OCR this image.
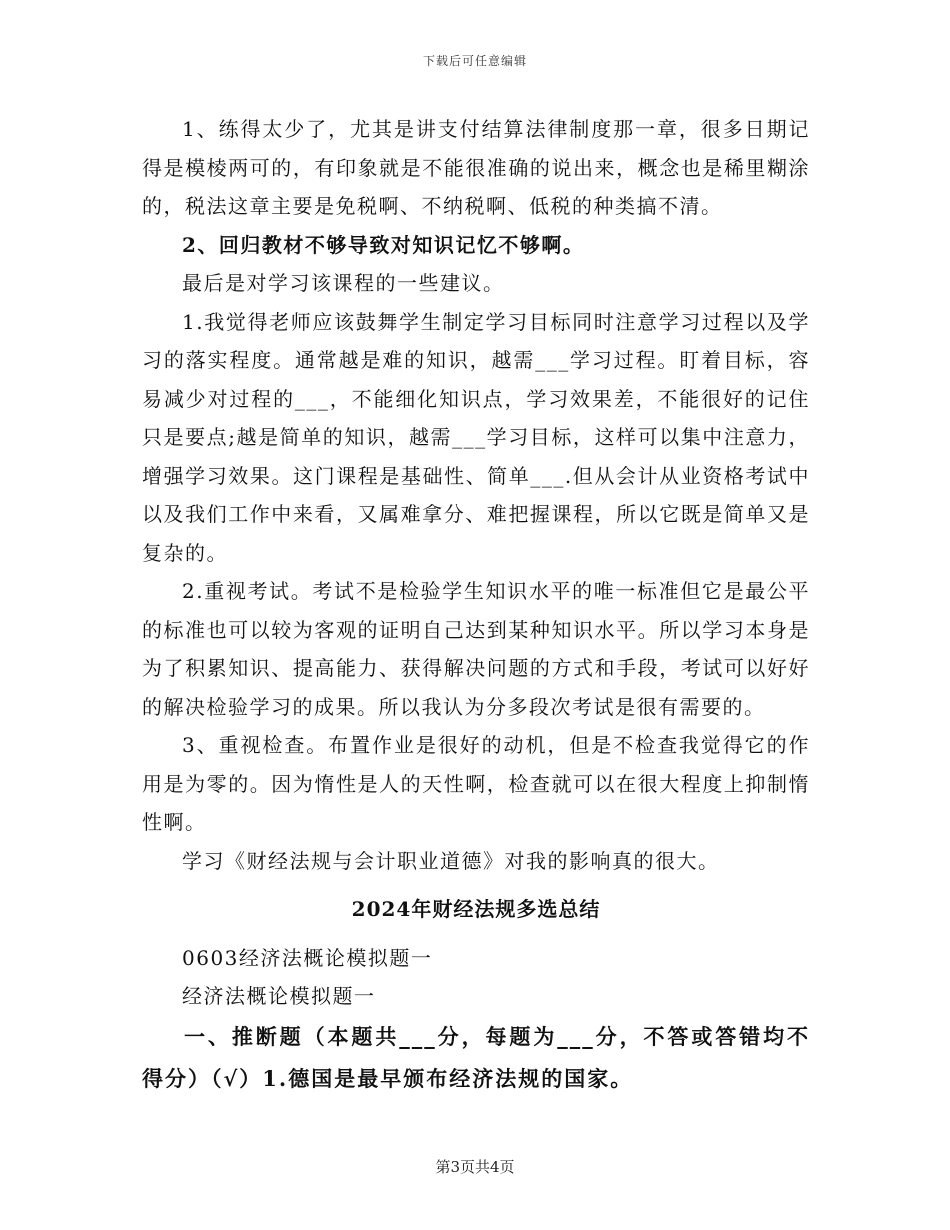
下载后可任意编辑

1、练得太少了，尤其是讲支付结算法律制度那一章，很多日期记得是模棱两可的，有印象就是不能很准确的说出来，概念也是稀里糊涂的，税法这章主要是免税啊、不纳税啊、低税的种类搞不清。

2、回归教材不够导致对知识记忆不够啊。

最后是对学习该课程的一些建议。

1.我觉得老师应该鼓舞学生制定学习目标同时注意学习过程以及学习的落实程度。通常越是难的知识，越需___学习过程。盯着目标，容易减少对过程的___，不能细化知识点，学习效果差，不能很好的记住只是要点;越是简单的知识，越需___学习目标，这样可以集中注意力，增强学习效果。这门课程是基础性、简单___.但从会计从业资格考试中以及我们工作中来看，又属难拿分、难把握课程，所以它既是简单又是复杂的。

2.重视考试。考试不是检验学生知识水平的唯一标准但它是最公平的标准也可以较为客观的证明自己达到某种知识水平。所以学习本身是为了积累知识、提高能力、获得解决问题的方式和手段，考试可以好好的解决检验学习的成果。所以我认为分多段次考试是很有需要的。

3、重视检查。布置作业是很好的动机，但是不检查我觉得它的作用是为零的。因为惰性是人的天性啊，检查就可以在很大程度上抑制惰性啊。

学习《财经法规与会计职业道德》对我的影响真的很大。

2024年财经法规多选总结

0603经济法概论模拟题一

经济法概论模拟题一

一、推断题（本题共___分，每题为___分，不答或答错均不得分）（√）1.德国是最早颁布经济法规的国家。

第3页共4页
